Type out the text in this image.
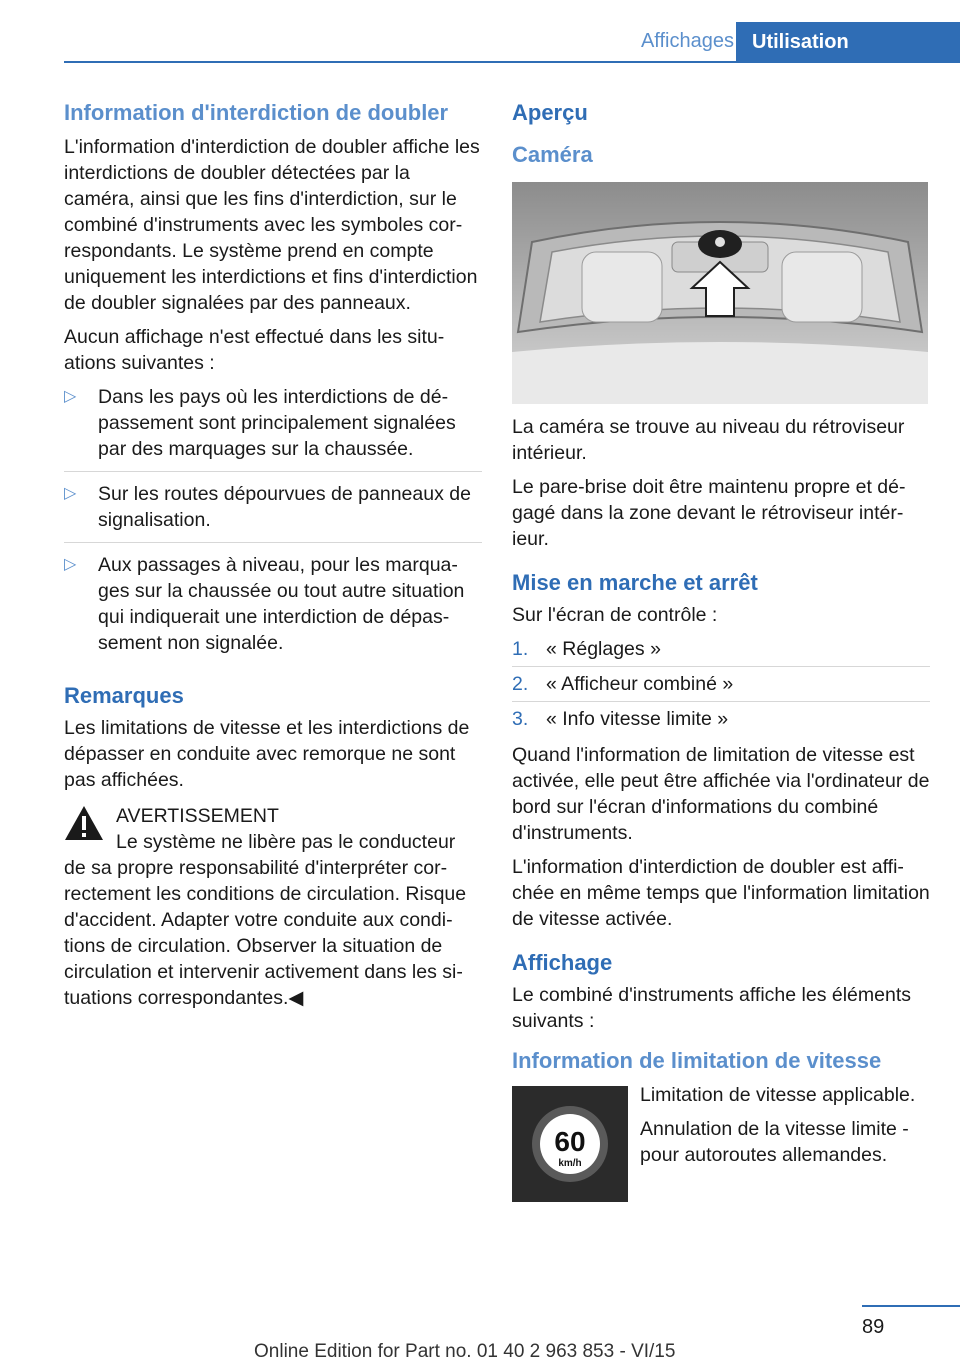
Affichages Utilisation
Information d'interdiction de doubler

L'information d'interdiction de doubler affiche les interdictions de doubler détectées par la caméra, ainsi que les fins d'interdiction, sur le combiné d'instruments avec les symboles correspondants. Le système prend en compte uniquement les interdictions et fins d'interdiction de doubler signalées par des panneaux.

Aucun affichage n'est effectué dans les situations suivantes :

▷ Dans les pays où les interdictions de dépassement sont principalement signalées par des marquages sur la chaussée.
▷ Sur les routes dépourvues de panneaux de signalisation.
▷ Aux passages à niveau, pour les marquages sur la chaussée ou tout autre situation qui indiquerait une interdiction de dépassement non signalée.
Remarques

Les limitations de vitesse et les interdictions de dépasser en conduite avec remorque ne sont pas affichées.

AVERTISSEMENT
Le système ne libère pas le conducteur
de sa propre responsabilité d'interpréter correctement les conditions de circulation. Risque d'accident. Adapter votre conduite aux conditions de circulation. Observer la situation de circulation et intervenir activement dans les situations correspondantes.◀
Aperçu
Caméra

La caméra se trouve au niveau du rétroviseur intérieur.

Le pare-brise doit être maintenu propre et dégagé dans la zone devant le rétroviseur intérieur.

Mise en marche et arrêt

Sur l'écran de contrôle :

1. « Réglages »
2. « Afficheur combiné »
3. « Info vitesse limite »

Quand l'information de limitation de vitesse est activée, elle peut être affichée via l'ordinateur de bord sur l'écran d'informations du combiné d'instruments.

L'information d'interdiction de doubler est affichée en même temps que l'information limitation de vitesse activée.

Affichage

Le combiné d'instruments affiche les éléments suivants :

Information de limitation de vitesse
60
km/h

Limitation de vitesse applicable.

Annulation de la vitesse limite - pour autoroutes allemandes.

89
Online Edition for Part no. 01 40 2 963 853 - VI/15
